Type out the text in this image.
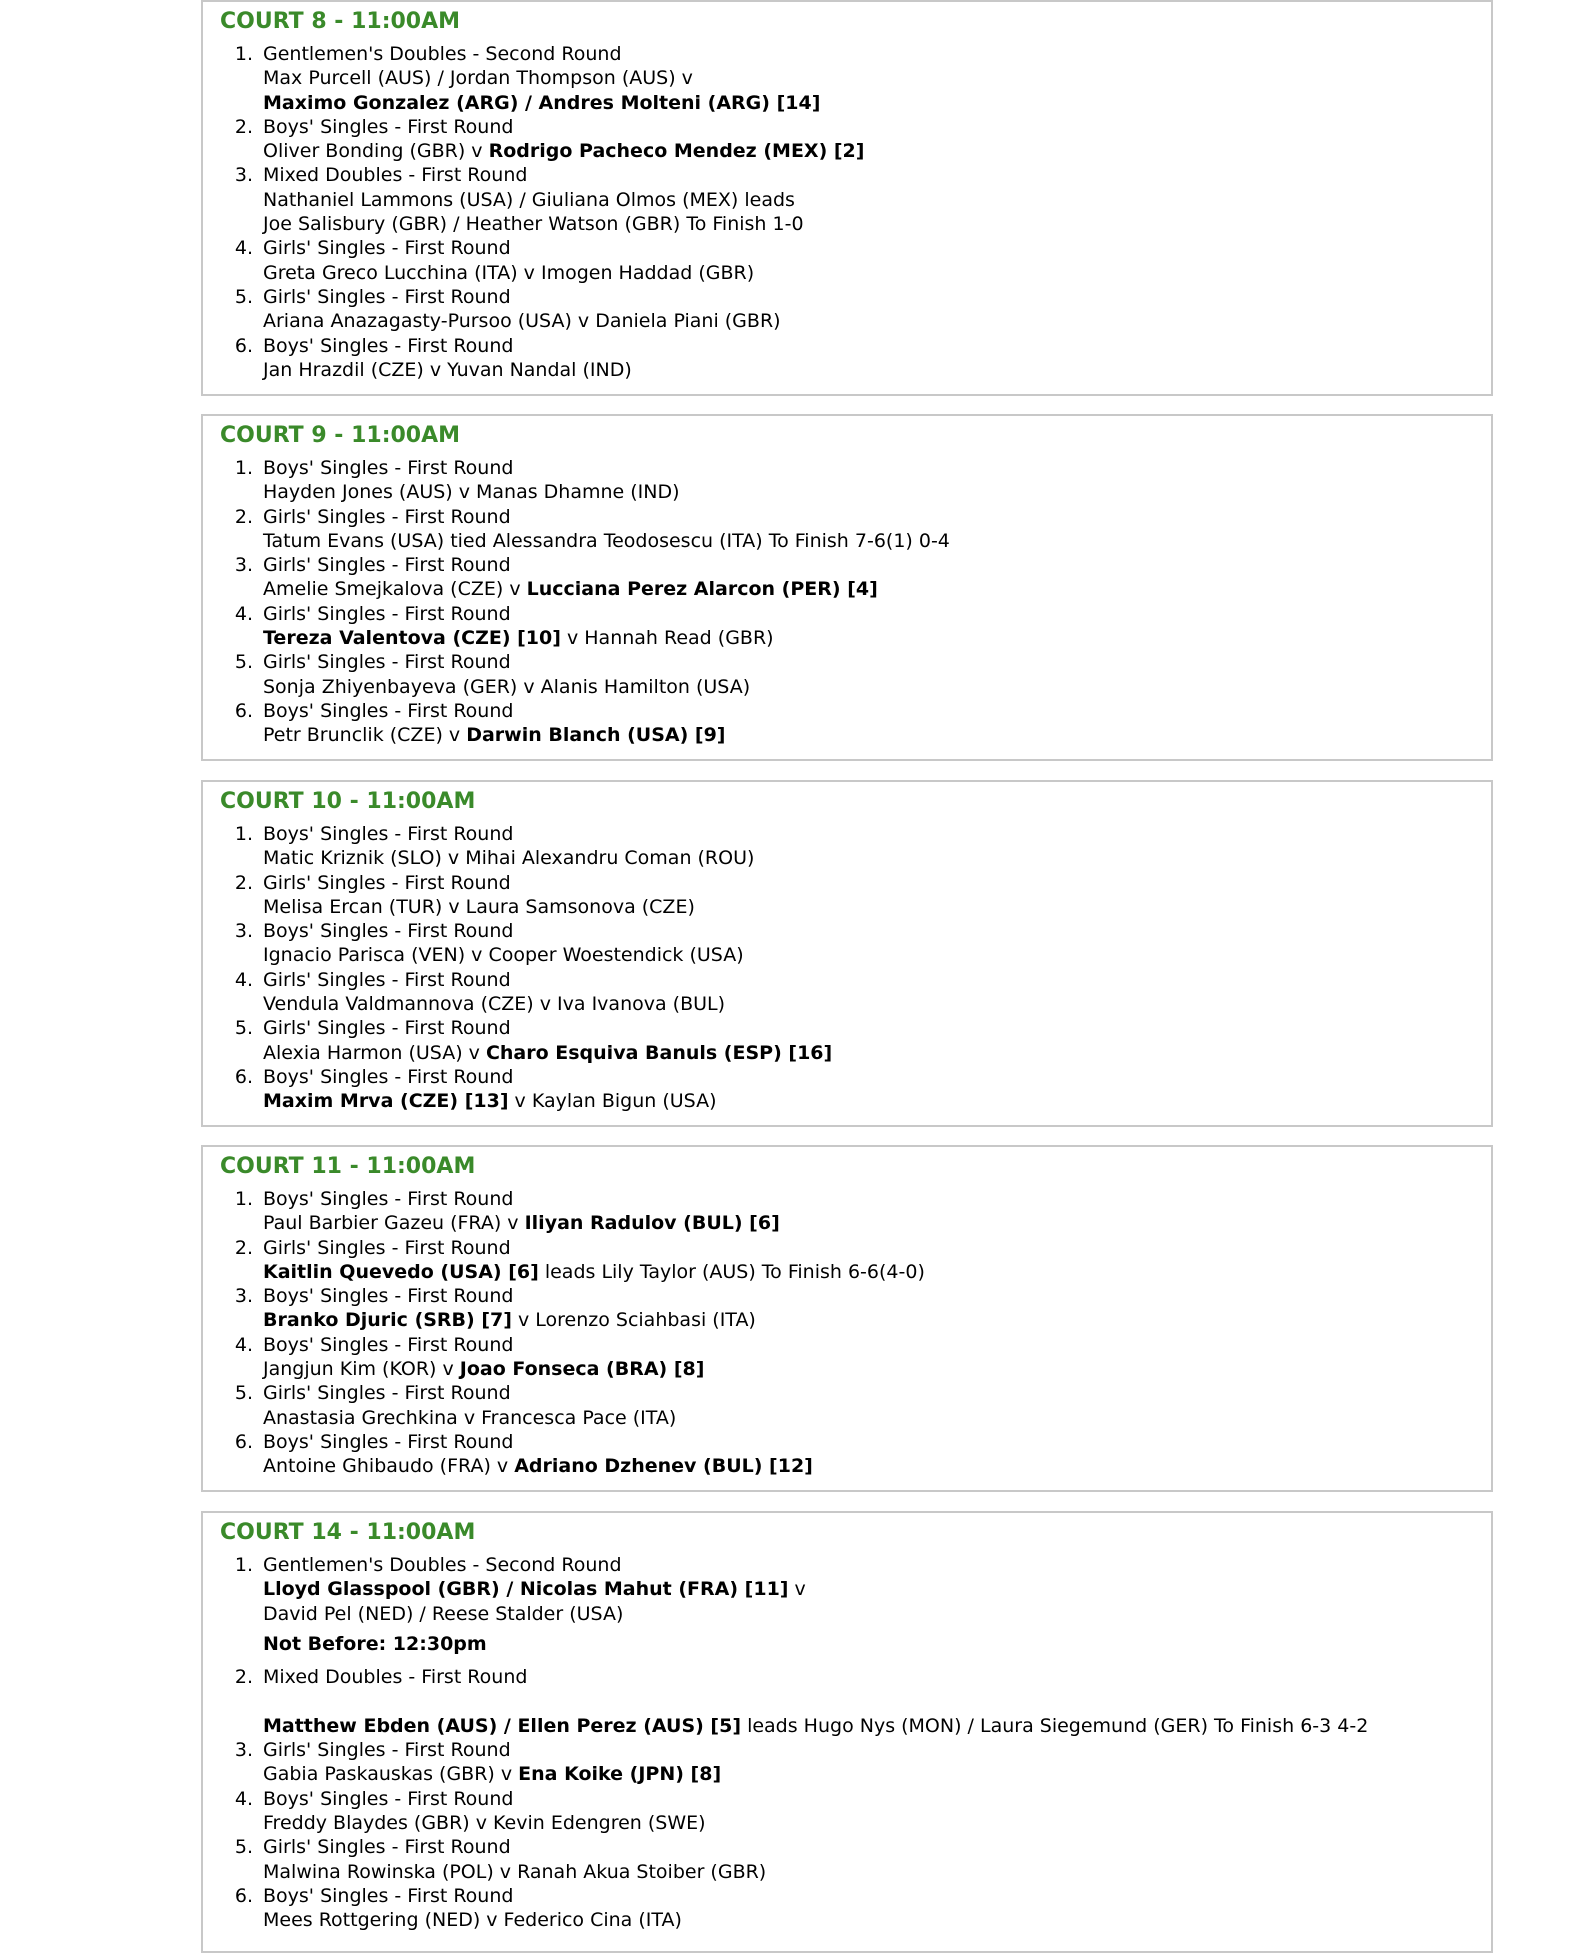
COURT 8 - 11:00AM
1. Gentlemen's Doubles - Second Round
Max Purcell (AUS) / Jordan Thompson (AUS) v
Maximo Gonzalez (ARG) / Andres Molteni (ARG) [14]
2. Boys' Singles - First Round
Oliver Bonding (GBR) v Rodrigo Pacheco Mendez (MEX) [2]
3. Mixed Doubles - First Round
Nathaniel Lammons (USA) / Giuliana Olmos (MEX) leads
Joe Salisbury (GBR) / Heather Watson (GBR) To Finish 1-0
4. Girls' Singles - First Round
Greta Greco Lucchina (ITA) v Imogen Haddad (GBR)
5. Girls' Singles - First Round
Ariana Anazagasty-Pursoo (USA) v Daniela Piani (GBR)
6. Boys' Singles - First Round
Jan Hrazdil (CZE) v Yuvan Nandal (IND)
COURT 9 - 11:00AM
1. Boys' Singles - First Round
Hayden Jones (AUS) v Manas Dhamne (IND)
2. Girls' Singles - First Round
Tatum Evans (USA) tied Alessandra Teodosescu (ITA) To Finish 7-6(1) 0-4
3. Girls' Singles - First Round
Amelie Smejkalova (CZE) v Lucciana Perez Alarcon (PER) [4]
4. Girls' Singles - First Round
Tereza Valentova (CZE) [10] v Hannah Read (GBR)
5. Girls' Singles - First Round
Sonja Zhiyenbayeva (GER) v Alanis Hamilton (USA)
6. Boys' Singles - First Round
Petr Brunclik (CZE) v Darwin Blanch (USA) [9]
COURT 10 - 11:00AM
1. Boys' Singles - First Round
Matic Kriznik (SLO) v Mihai Alexandru Coman (ROU)
2. Girls' Singles - First Round
Melisa Ercan (TUR) v Laura Samsonova (CZE)
3. Boys' Singles - First Round
Ignacio Parisca (VEN) v Cooper Woestendick (USA)
4. Girls' Singles - First Round
Vendula Valdmannova (CZE) v Iva Ivanova (BUL)
5. Girls' Singles - First Round
Alexia Harmon (USA) v Charo Esquiva Banuls (ESP) [16]
6. Boys' Singles - First Round
Maxim Mrva (CZE) [13] v Kaylan Bigun (USA)
COURT 11 - 11:00AM
1. Boys' Singles - First Round
Paul Barbier Gazeu (FRA) v Iliyan Radulov (BUL) [6]
2. Girls' Singles - First Round
Kaitlin Quevedo (USA) [6] leads Lily Taylor (AUS) To Finish 6-6(4-0)
3. Boys' Singles - First Round
Branko Djuric (SRB) [7] v Lorenzo Sciahbasi (ITA)
4. Boys' Singles - First Round
Jangjun Kim (KOR) v Joao Fonseca (BRA) [8]
5. Girls' Singles - First Round
Anastasia Grechkina v Francesca Pace (ITA)
6. Boys' Singles - First Round
Antoine Ghibaudo (FRA) v Adriano Dzhenev (BUL) [12]
COURT 14 - 11:00AM
1. Gentlemen's Doubles - Second Round
Lloyd Glasspool (GBR) / Nicolas Mahut (FRA) [11] v
David Pel (NED) / Reese Stalder (USA)
Not Before: 12:30pm
2. Mixed Doubles - First Round
Matthew Ebden (AUS) / Ellen Perez (AUS) [5] leads Hugo Nys (MON) / Laura Siegemund (GER) To Finish 6-3 4-2
3. Girls' Singles - First Round
Gabia Paskauskas (GBR) v Ena Koike (JPN) [8]
4. Boys' Singles - First Round
Freddy Blaydes (GBR) v Kevin Edengren (SWE)
5. Girls' Singles - First Round
Malwina Rowinska (POL) v Ranah Akua Stoiber (GBR)
6. Boys' Singles - First Round
Mees Rottgering (NED) v Federico Cina (ITA)
